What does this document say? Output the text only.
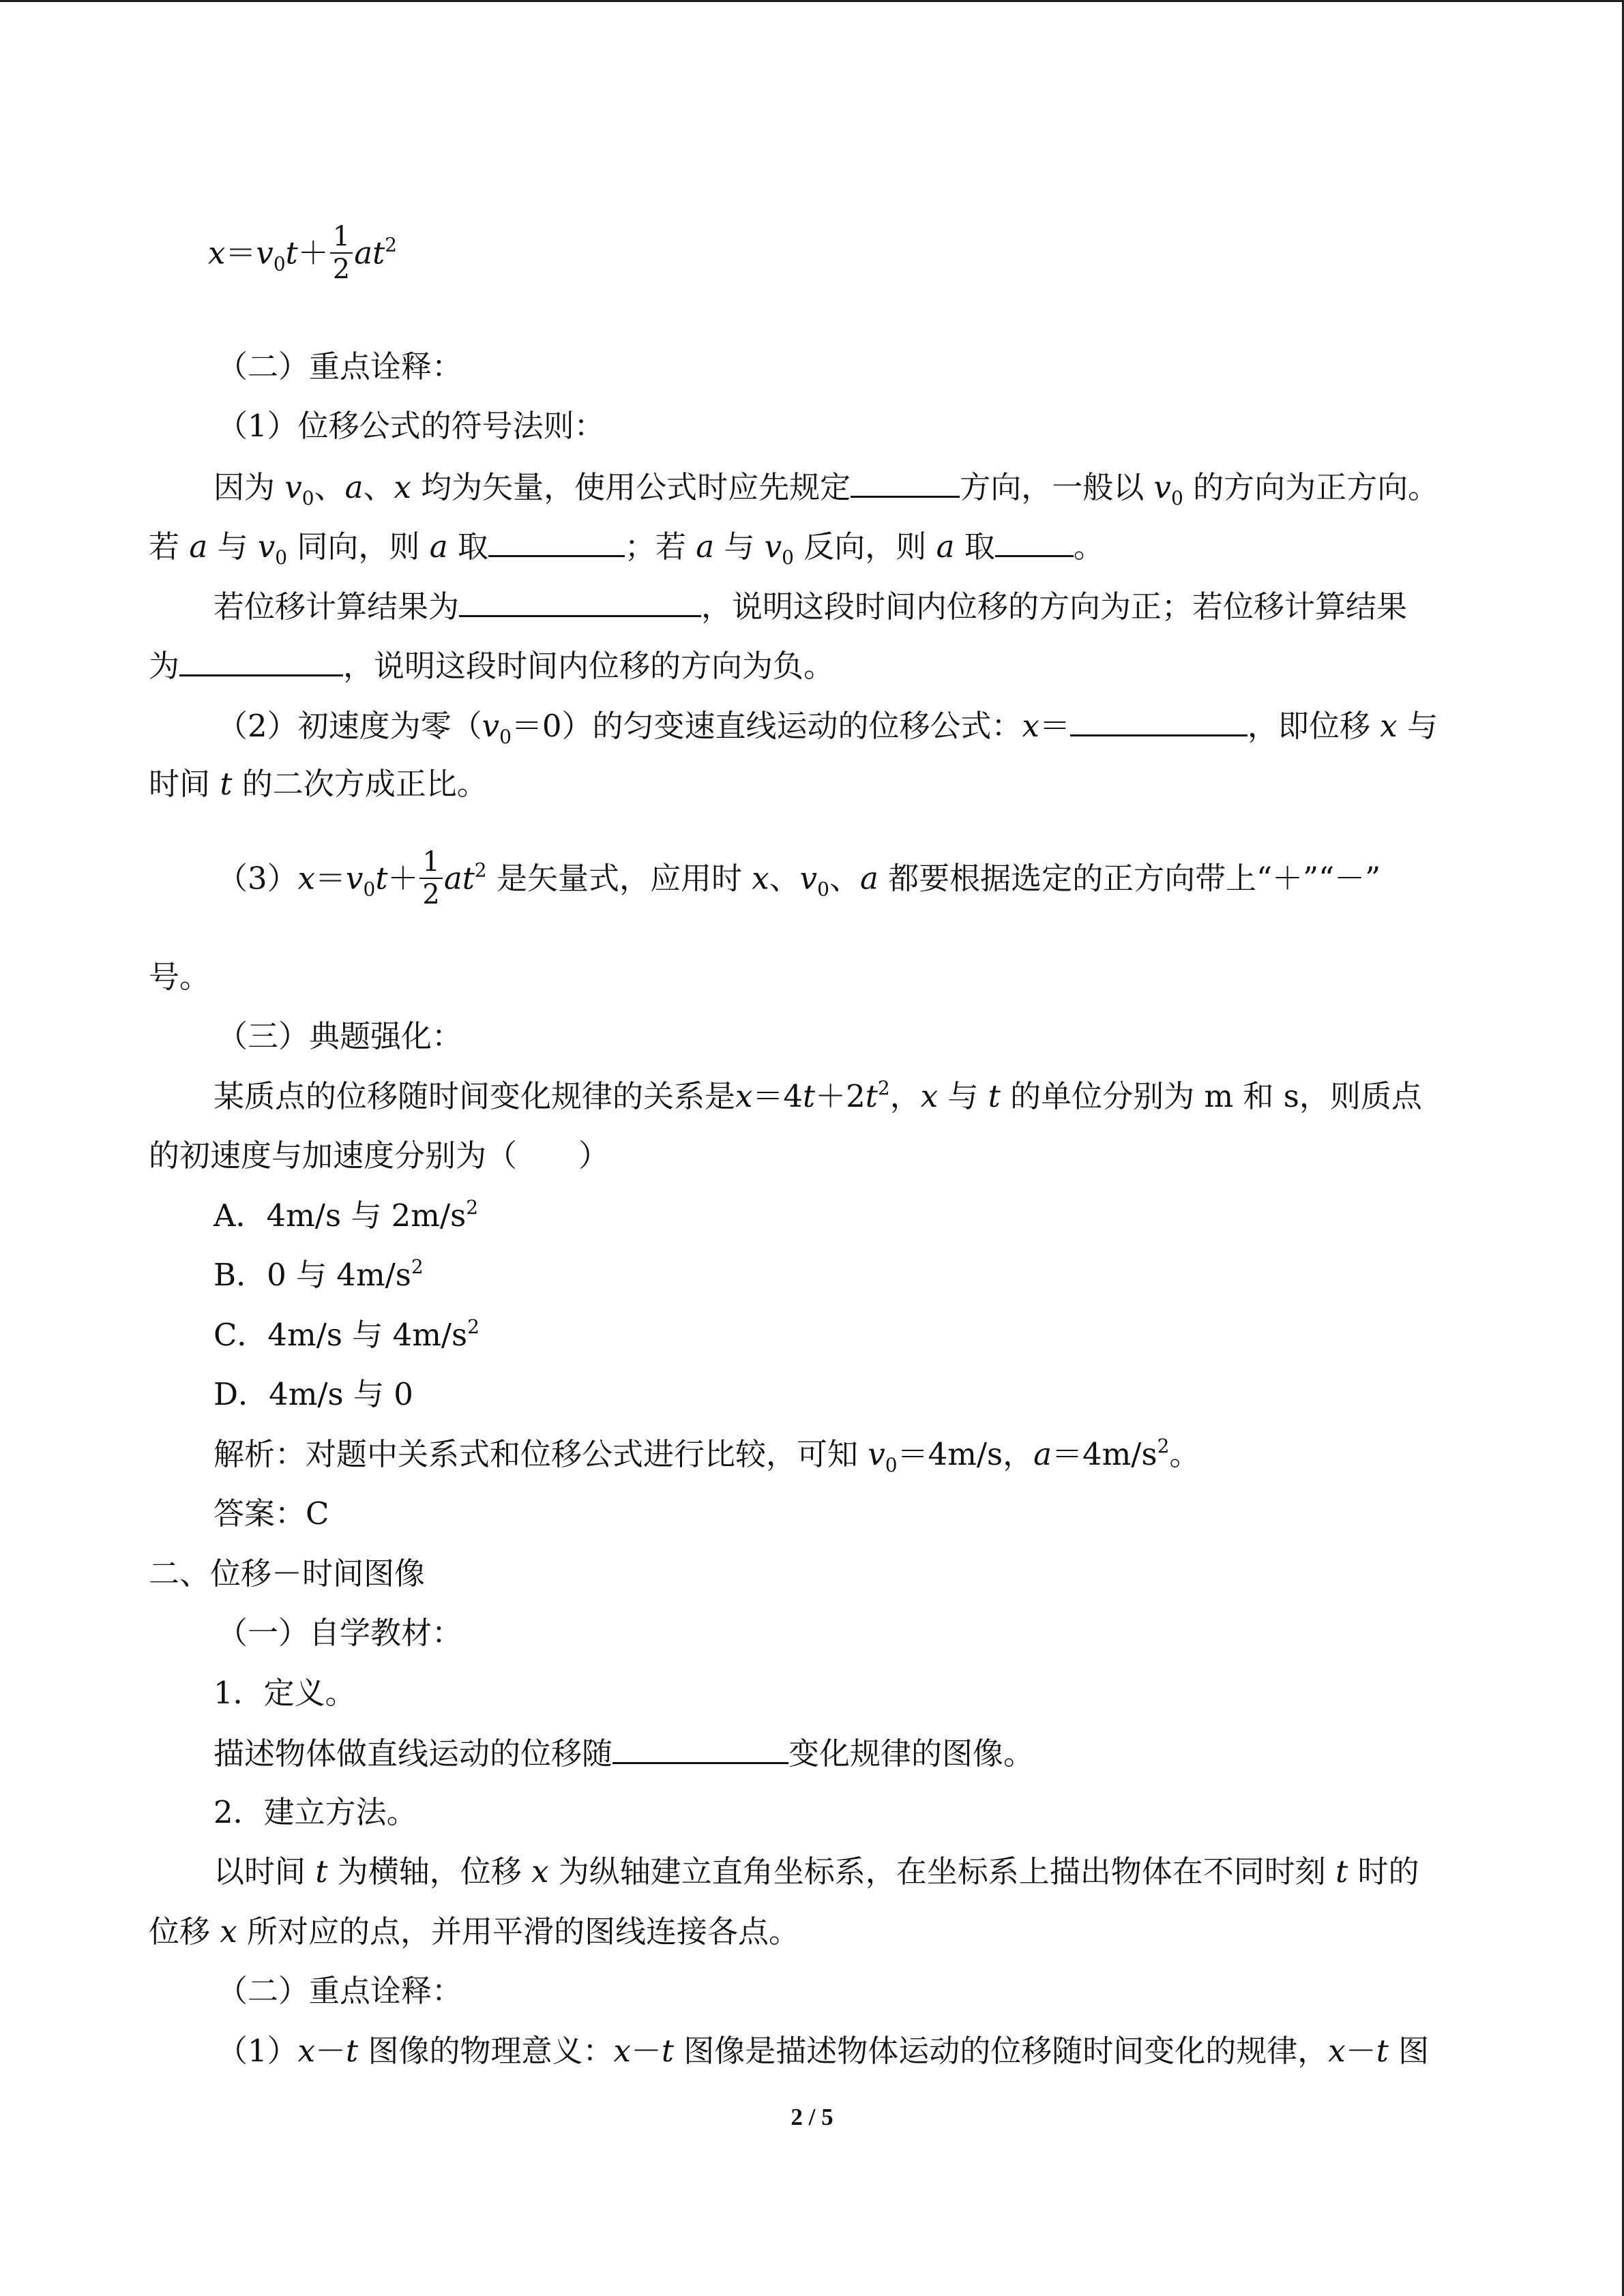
$x=v_0t+ \frac{1}{2} at^2$
（二）重点诠释：
（1）位移公式的符号法则：
因为 $v_0$、a、x 均为矢量，使用公式时应先规定	方向，一般以 $v_0$ 的方向为正方向。
若 a 与 $v_0$ 同向，则 a 取	；若 a 与 $v_0$ 反向，则 a 取	。
若位移计算结果为	，说明这段时间内位移的方向为正；若位移计算结果
为	，说明这段时间内位移的方向为负。
（2）初速度为零$(v_0=0)$的匀变速直线运动的位移公式：x＝	，即位移 x 与
时间 t 的二次方成正比。
$(3)x=v_0t+ \frac{1}{2} at^2$ 是矢量式，应用时 x、$v_0$、a 都要根据选定的正方向带上“＋”“－”
号。
（三）典题强化：
某质点的位移随时间变化规律的关系是$x=4t+2t^2$，x 与 t 的单位分别为 m 和 s，则质点
的初速度与加速度分别为（　　）
A．4m/s 与 $2m/s^2$
B．0 与 $4m/s^2$
C．4m/s 与 $4m/s^2$
D．4m/s 与 0
解析：对题中关系式和位移公式进行比较，可知 $v_0=4m/s$，$a=4m/s^2$。
答案：C
二、位移－时间图像
（一）自学教材：
1．定义。
描述物体做直线运动的位移随	变化规律的图像。
2．建立方法。
以时间 t 为横轴，位移 x 为纵轴建立直角坐标系，在坐标系上描出物体在不同时刻 t 时的
位移 x 所对应的点，并用平滑的图线连接各点。
（二）重点诠释：
（1）x－t 图像的物理意义：x－t 图像是描述物体运动的位移随时间变化的规律，x－t 图
2 / 5
